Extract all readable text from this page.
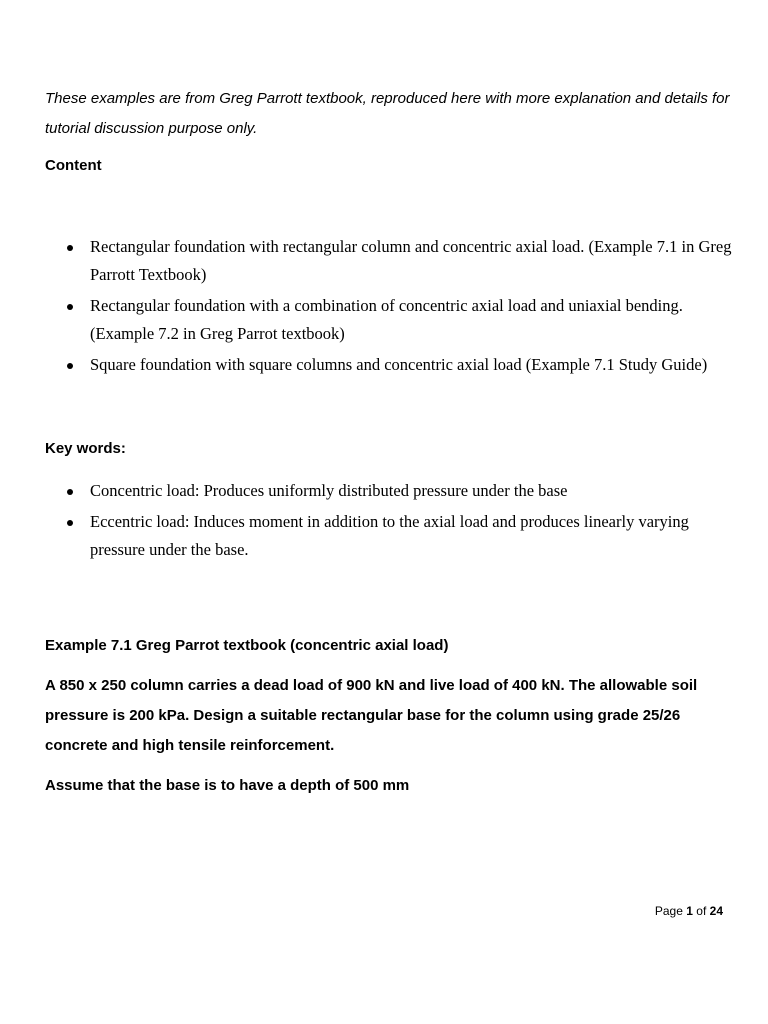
These examples are from Greg Parrott textbook, reproduced here with more explanation and details for tutorial discussion purpose only.

Content

Rectangular foundation with rectangular column and concentric axial load. (Example 7.1 in Greg Parrott Textbook)
Rectangular foundation with a combination of concentric axial load and uniaxial bending. (Example 7.2 in Greg Parrot textbook)
Square foundation with square columns and concentric axial load (Example 7.1 Study Guide)

Key words:

Concentric load: Produces uniformly distributed pressure under the base
Eccentric load: Induces moment in addition to the axial load and produces linearly varying pressure under the base.

Example 7.1 Greg Parrot textbook (concentric axial load)

A 850 x 250 column carries a dead load of 900 kN and live load of 400 kN. The allowable soil pressure is 200 kPa. Design a suitable rectangular base for the column using grade 25/26 concrete and high tensile reinforcement.

Assume that the base is to have a depth of 500 mm

Page 1 of 24
